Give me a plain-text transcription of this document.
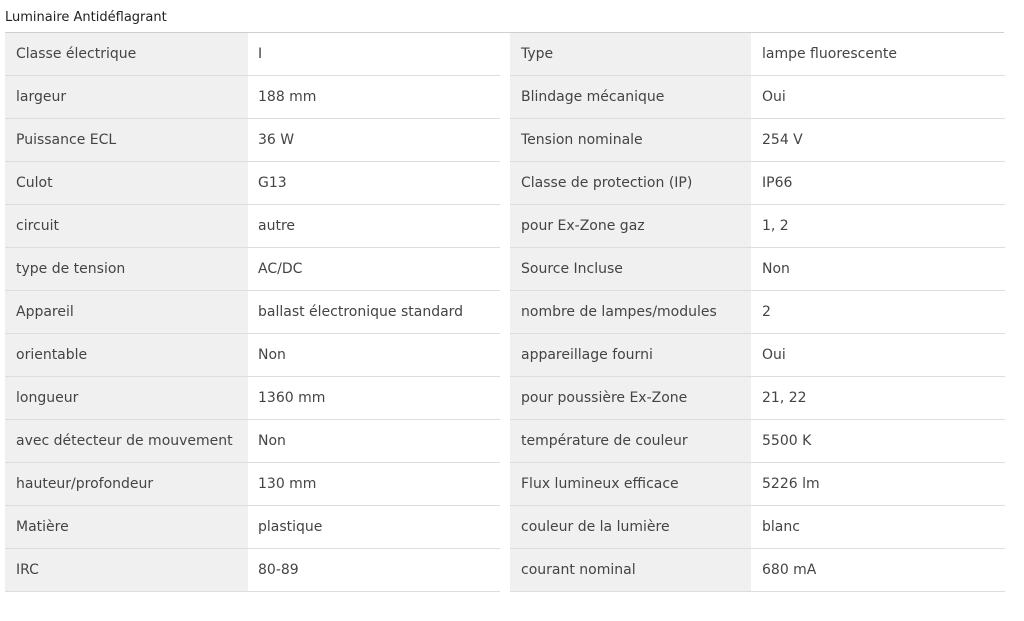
Luminaire Antidéflagrant
Classe électrique	I
largeur	188 mm
Puissance ECL	36 W
Culot	G13
circuit	autre
type de tension	AC/DC
Appareil	ballast électronique standard
orientable	Non
longueur	1360 mm
avec détecteur de mouvement	Non
hauteur/profondeur	130 mm
Matière	plastique
IRC	80-89
Type	lampe fluorescente
Blindage mécanique	Oui
Tension nominale	254 V
Classe de protection (IP)	IP66
pour Ex-Zone gaz	1, 2
Source Incluse	Non
nombre de lampes/modules	2
appareillage fourni	Oui
pour poussière Ex-Zone	21, 22
température de couleur	5500 K
Flux lumineux efficace	5226 lm
couleur de la lumière	blanc
courant nominal	680 mA
